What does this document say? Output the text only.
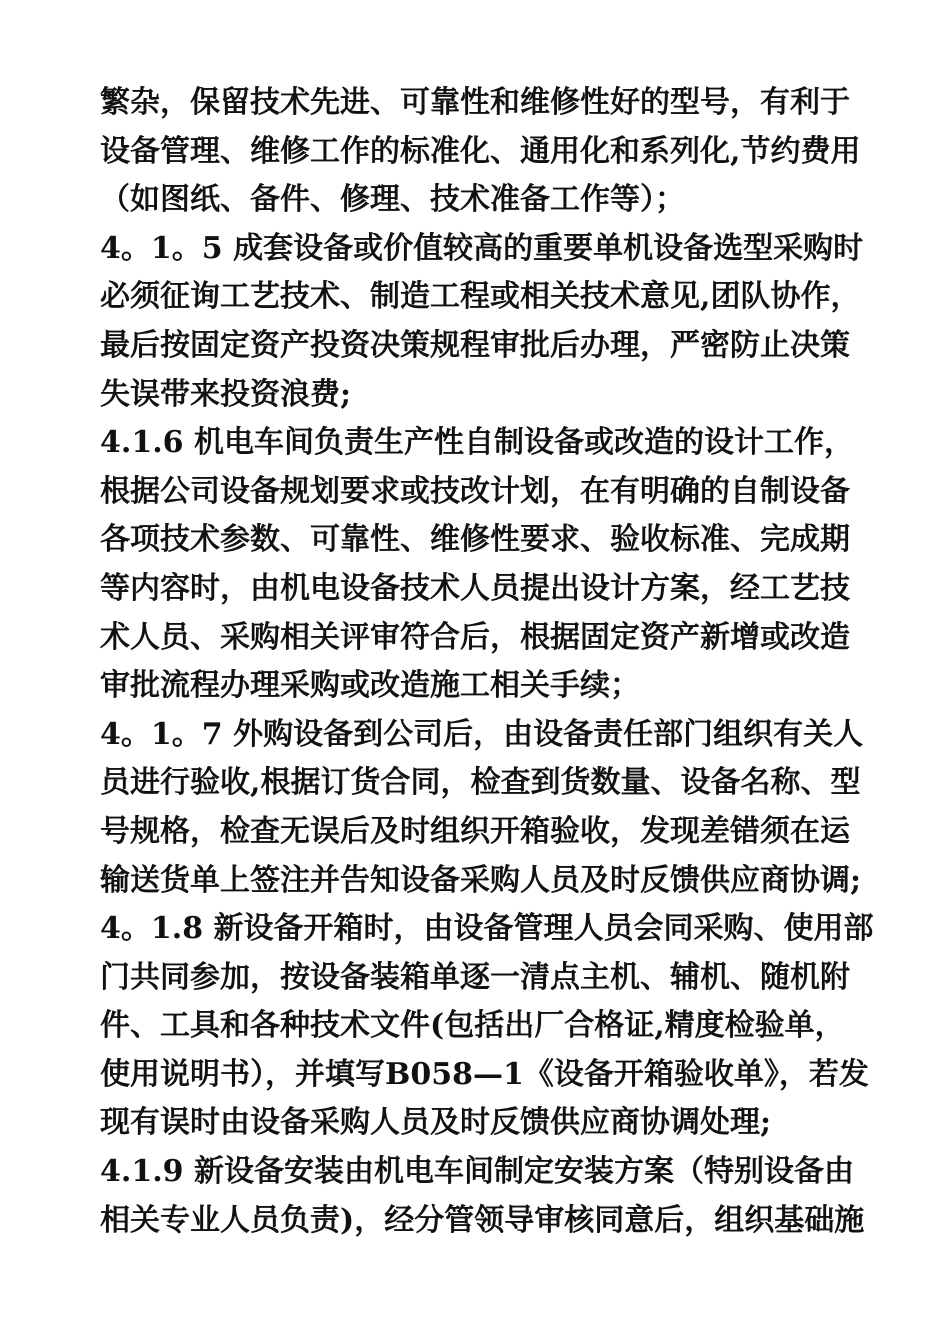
繁杂，保留技术先进、可靠性和维修性好的型号，有利于
设备管理、维修工作的标准化、通用化和系列化,节约费用
（如图纸、备件、修理、技术准备工作等）；
4。1。5 成套设备或价值较高的重要单机设备选型采购时
必须征询工艺技术、制造工程或相关技术意见,团队协作，
最后按固定资产投资决策规程审批后办理，严密防止决策
失误带来投资浪费;
4.1.6 机电车间负责生产性自制设备或改造的设计工作，
根据公司设备规划要求或技改计划，在有明确的自制设备
各项技术参数、可靠性、维修性要求、验收标准、完成期
等内容时，由机电设备技术人员提出设计方案，经工艺技
术人员、采购相关评审符合后，根据固定资产新增或改造
审批流程办理采购或改造施工相关手续；
4。1。7 外购设备到公司后，由设备责任部门组织有关人
员进行验收,根据订货合同，检查到货数量、设备名称、型
号规格，检查无误后及时组织开箱验收，发现差错须在运
输送货单上签注并告知设备采购人员及时反馈供应商协调;
4。1.8 新设备开箱时，由设备管理人员会同采购、使用部
门共同参加，按设备装箱单逐一清点主机、辅机、随机附
件、工具和各种技术文件(包括出厂合格证,精度检验单，
使用说明书），并填写B058—1《设备开箱验收单》，若发
现有误时由设备采购人员及时反馈供应商协调处理;
4.1.9 新设备安装由机电车间制定安装方案（特别设备由
相关专业人员负责)，经分管领导审核同意后，组织基础施
